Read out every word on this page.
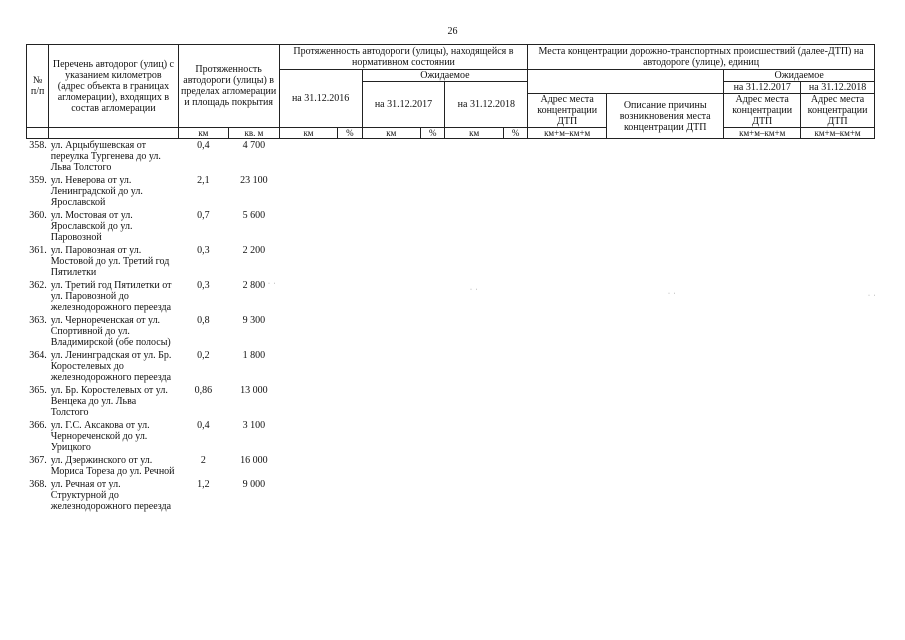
26
№ п/п	Перечень автодорог (улиц) с указанием километров (адрес объекта в границах агломерации), входящих в состав агломерации	Протяженность автодороги (улицы) в пределах агломерации и площадь покрытия		Протяженность автодороги (улицы), находящейся в нормативном состоянии						Места концентрации дорожно-транспортных происшествий (далее-ДТП) на автодороге (улице), единиц			
				на 31.12.2016		Ожидаемое						Ожидаемое	
						на 31.12.2017		на 31.12.2018				на 31.12.2017	на 31.12.2018
										Адрес места концентрации ДТП	Описание причины возникновения места концентрации ДТП	Адрес места концентрации ДТП	Адрес места концентрации ДТП
		км	кв. м	км	%	км	%	км	%	км+м–км+м		км+м–км+м	км+м–км+м
358.	ул. Арцыбушевская от переулка Тургенева до ул. Льва Толстого	0,4	4 700										
359.	ул. Неверова от ул. Ленинградской до ул. Ярославской	2,1	23 100										
360.	ул. Мостовая от ул. Ярославской до ул. Паровозной	0,7	5 600										
361.	ул. Паровозная от ул. Мостовой до ул. Третий год Пятилетки	0,3	2 200										
362.	ул. Третий год Пятилетки от ул. Паровозной до железнодорожного переезда	0,3	2 800										
363.	ул. Чернореченская от ул. Спортивной до ул. Владимирской (обе полосы)	0,8	9 300										
364.	ул. Ленинградская от ул. Бр. Коростелевых до железнодорожного переезда	0,2	1 800										
365.	ул. Бр. Коростелевых от ул. Венцека до ул. Льва Толстого	0,86	13 000										
366.	ул. Г.С. Аксакова от ул. Чернореченской до ул. Урицкого	0,4	3 100										
367.	ул. Дзержинского от ул. Мориса Тореза до ул. Речной	2	16 000										
368.	ул. Речная от ул. Структурной до железнодорожного переезда	1,2	9 000										
· ·
· ·
· ·	· ·
